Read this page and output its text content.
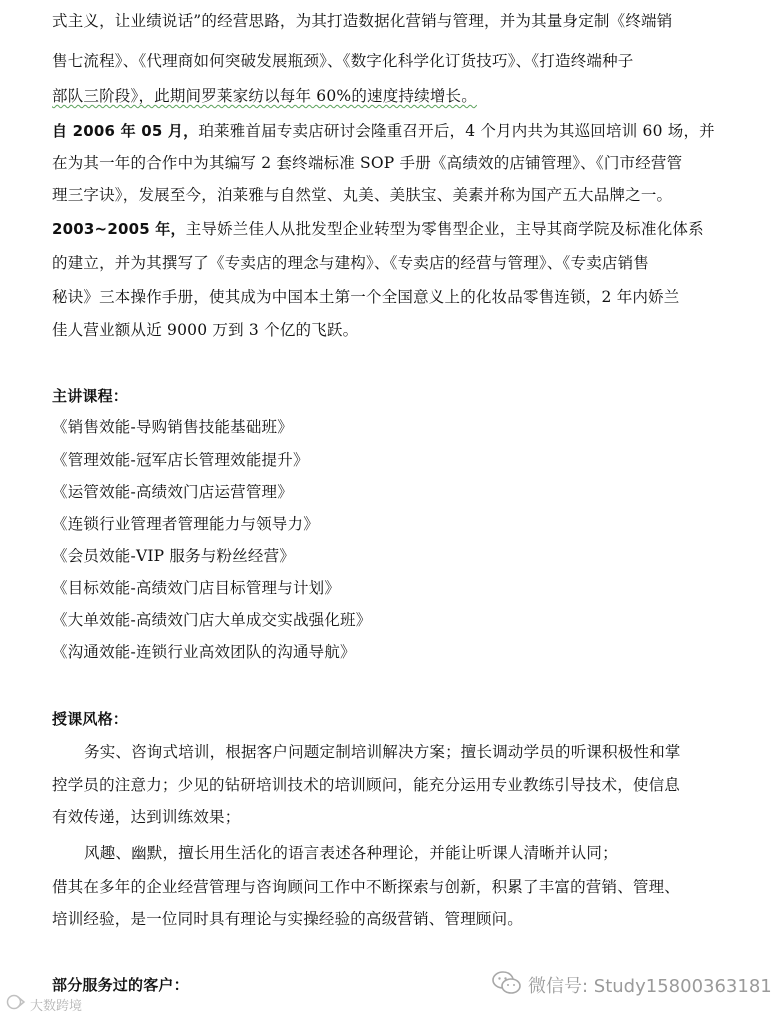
式主义，让业绩说话”的经营思路，为其打造数据化营销与管理，并为其量身定制《终端销
售七流程》、《代理商如何突破发展瓶颈》、《数字化科学化订货技巧》、《打造终端种子
部队三阶段》，此期间罗莱家纺以每年 60%的速度持续增长。
自 2006 年 05 月，珀莱雅首届专卖店研讨会隆重召开后，4 个月内共为其巡回培训 60 场，并
在为其一年的合作中为其编写 2 套终端标准 SOP 手册《高绩效的店铺管理》、《门市经营管
理三字诀》，发展至今，泊莱雅与自然堂、丸美、美肤宝、美素并称为国产五大品牌之一。
2003~2005 年，主导娇兰佳人从批发型企业转型为零售型企业，主导其商学院及标准化体系
的建立，并为其撰写了《专卖店的理念与建构》、《专卖店的经营与管理》、《专卖店销售
秘诀》三本操作手册，使其成为中国本土第一个全国意义上的化妆品零售连锁，2 年内娇兰
佳人营业额从近 9000 万到 3 个亿的飞跃。
主讲课程：
《销售效能-导购销售技能基础班》
《管理效能-冠军店长管理效能提升》
《运管效能-高绩效门店运营管理》
《连锁行业管理者管理能力与领导力》
《会员效能-VIP 服务与粉丝经营》
《目标效能-高绩效门店目标管理与计划》
《大单效能-高绩效门店大单成交实战强化班》
《沟通效能-连锁行业高效团队的沟通导航》
授课风格：
务实、咨询式培训，根据客户问题定制培训解决方案；擅长调动学员的听课积极性和掌
控学员的注意力；少见的钻研培训技术的培训顾问，能充分运用专业教练引导技术，使信息
有效传递，达到训练效果；
风趣、幽默，擅长用生活化的语言表述各种理论，并能让听课人清晰并认同；
借其在多年的企业经营管理与咨询顾问工作中不断探索与创新，积累了丰富的营销、管理、
培训经验，是一位同时具有理论与实操经验的高级营销、管理顾问。
部分服务过的客户：	微信号: Study15800363181
大数跨境
